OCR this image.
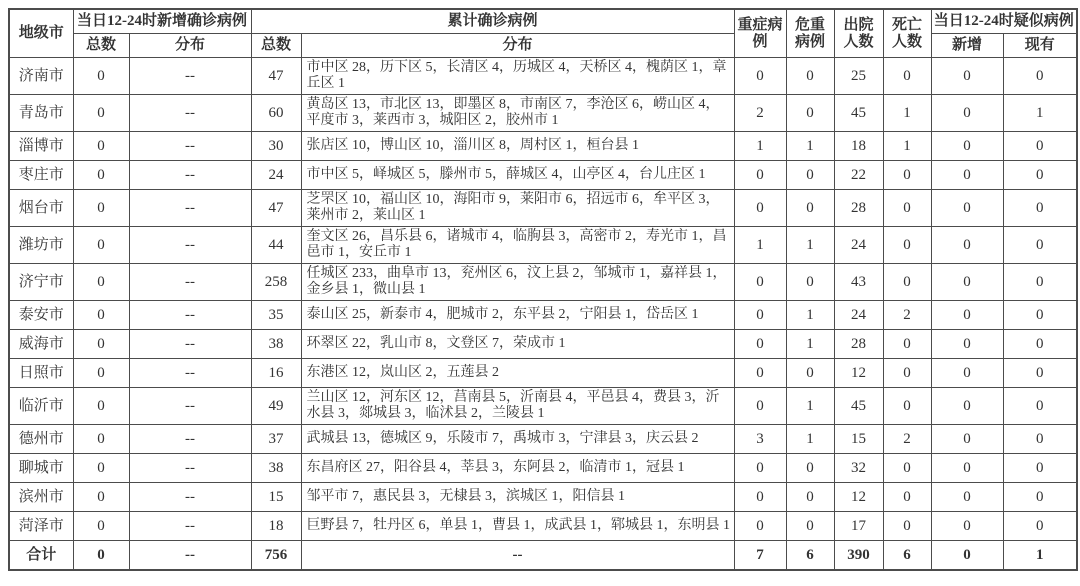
地级市	当日12-24时新增确诊病例		累计确诊病例		重症病例	危重病例	出院人数	死亡人数	当日12-24时疑似病例	
	总数	分布	总数	分布					新增	现有
济南市	0	--	47	市中区 28，历下区 5，长清区 4，历城区 4，天桥区 4，槐荫区 1，章丘区 1	0	0	25	0	0	0
青岛市	0	--	60	黄岛区 13，市北区 13，即墨区 8，市南区 7，李沧区 6，崂山区 4，平度市 3，莱西市 3，城阳区 2，胶州市 1	2	0	45	1	0	1
淄博市	0	--	30	张店区 10，博山区 10，淄川区 8，周村区 1，桓台县 1	1	1	18	1	0	0
枣庄市	0	--	24	市中区 5，峄城区 5，滕州市 5，薛城区 4，山亭区 4，台儿庄区 1	0	0	22	0	0	0
烟台市	0	--	47	芝罘区 10，福山区 10，海阳市 9，莱阳市 6，招远市 6，牟平区 3，莱州市 2，莱山区 1	0	0	28	0	0	0
潍坊市	0	--	44	奎文区 26，昌乐县 6，诸城市 4，临朐县 3，高密市 2，寿光市 1，昌邑市 1，安丘市 1	1	1	24	0	0	0
济宁市	0	--	258	任城区 233，曲阜市 13，兖州区 6，汶上县 2，邹城市 1，嘉祥县 1，金乡县 1，微山县 1	0	0	43	0	0	0
泰安市	0	--	35	泰山区 25，新泰市 4，肥城市 2，东平县 2，宁阳县 1，岱岳区 1	0	1	24	2	0	0
威海市	0	--	38	环翠区 22，乳山市 8，文登区 7，荣成市 1	0	1	28	0	0	0
日照市	0	--	16	东港区 12，岚山区 2，五莲县 2	0	0	12	0	0	0
临沂市	0	--	49	兰山区 12，河东区 12，莒南县 5，沂南县 4，平邑县 4，费县 3，沂水县 3，郯城县 3，临沭县 2，兰陵县 1	0	1	45	0	0	0
德州市	0	--	37	武城县 13，德城区 9，乐陵市 7，禹城市 3，宁津县 3，庆云县 2	3	1	15	2	0	0
聊城市	0	--	38	东昌府区 27，阳谷县 4，莘县 3，东阿县 2，临清市 1，冠县 1	0	0	32	0	0	0
滨州市	0	--	15	邹平市 7，惠民县 3，无棣县 3，滨城区 1，阳信县 1	0	0	12	0	0	0
菏泽市	0	--	18	巨野县 7，牡丹区 6，单县 1，曹县 1，成武县 1，郓城县 1，东明县 1	0	0	17	0	0	0
合计	0	--	756	--	7	6	390	6	0	1
